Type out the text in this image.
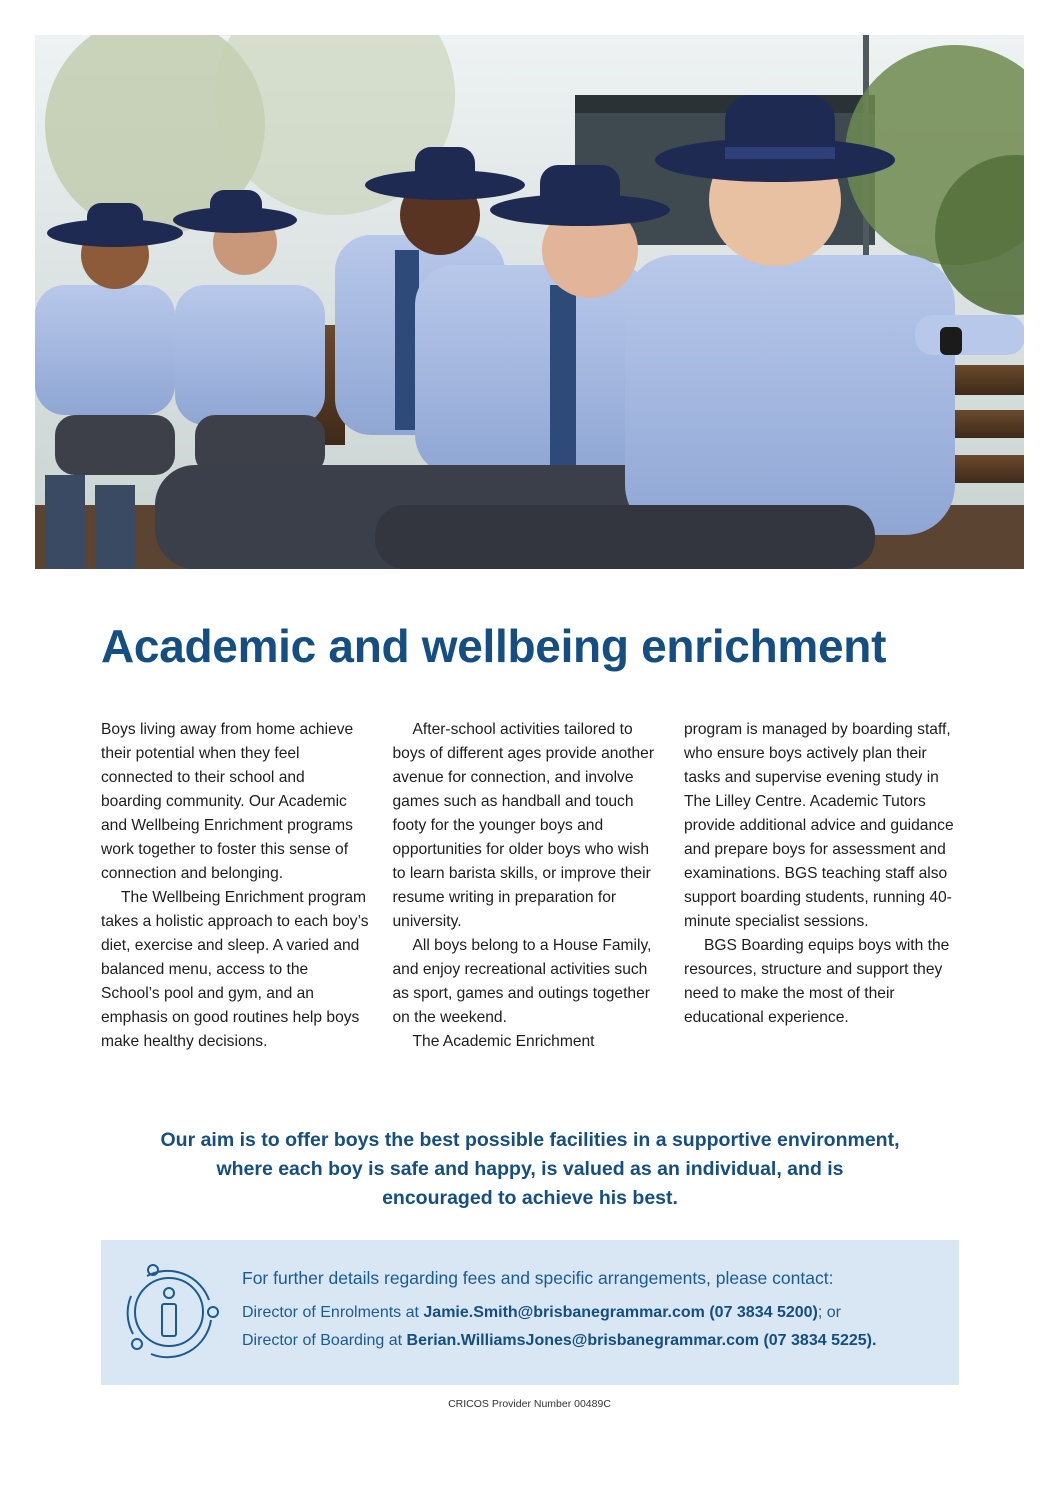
Academic and wellbeing enrichment

Boys living away from home achieve their potential when they feel connected to their school and boarding community. Our Academic and Wellbeing Enrichment programs work together to foster this sense of connection and belonging.

The Wellbeing Enrichment program takes a holistic approach to each boy’s diet, exercise and sleep. A varied and balanced menu, access to the School’s pool and gym, and an emphasis on good routines help boys make healthy decisions.

After-school activities tailored to boys of different ages provide another avenue for connection, and involve games such as handball and touch footy for the younger boys and opportunities for older boys who wish to learn barista skills, or improve their resume writing in preparation for university.

All boys belong to a House Family, and enjoy recreational activities such as sport, games and outings together on the weekend.

The Academic Enrichment

program is managed by boarding staff, who ensure boys actively plan their tasks and supervise evening study in The Lilley Centre. Academic Tutors provide additional advice and guidance and prepare boys for assessment and examinations. BGS teaching staff also support boarding students, running 40-minute specialist sessions.

BGS Boarding equips boys with the resources, structure and support they need to make the most of their educational experience.

Our aim is to offer boys the best possible facilities in a supportive environment,
where each boy is safe and happy, is valued as an individual, and is
encouraged to achieve his best.
For further details regarding fees and specific arrangements, please contact:
Director of Enrolments at Jamie.Smith@brisbanegrammar.com (07 3834 5200); or
Director of Boarding at Berian.WilliamsJones@brisbanegrammar.com (07 3834 5225).
CRICOS Provider Number 00489C
